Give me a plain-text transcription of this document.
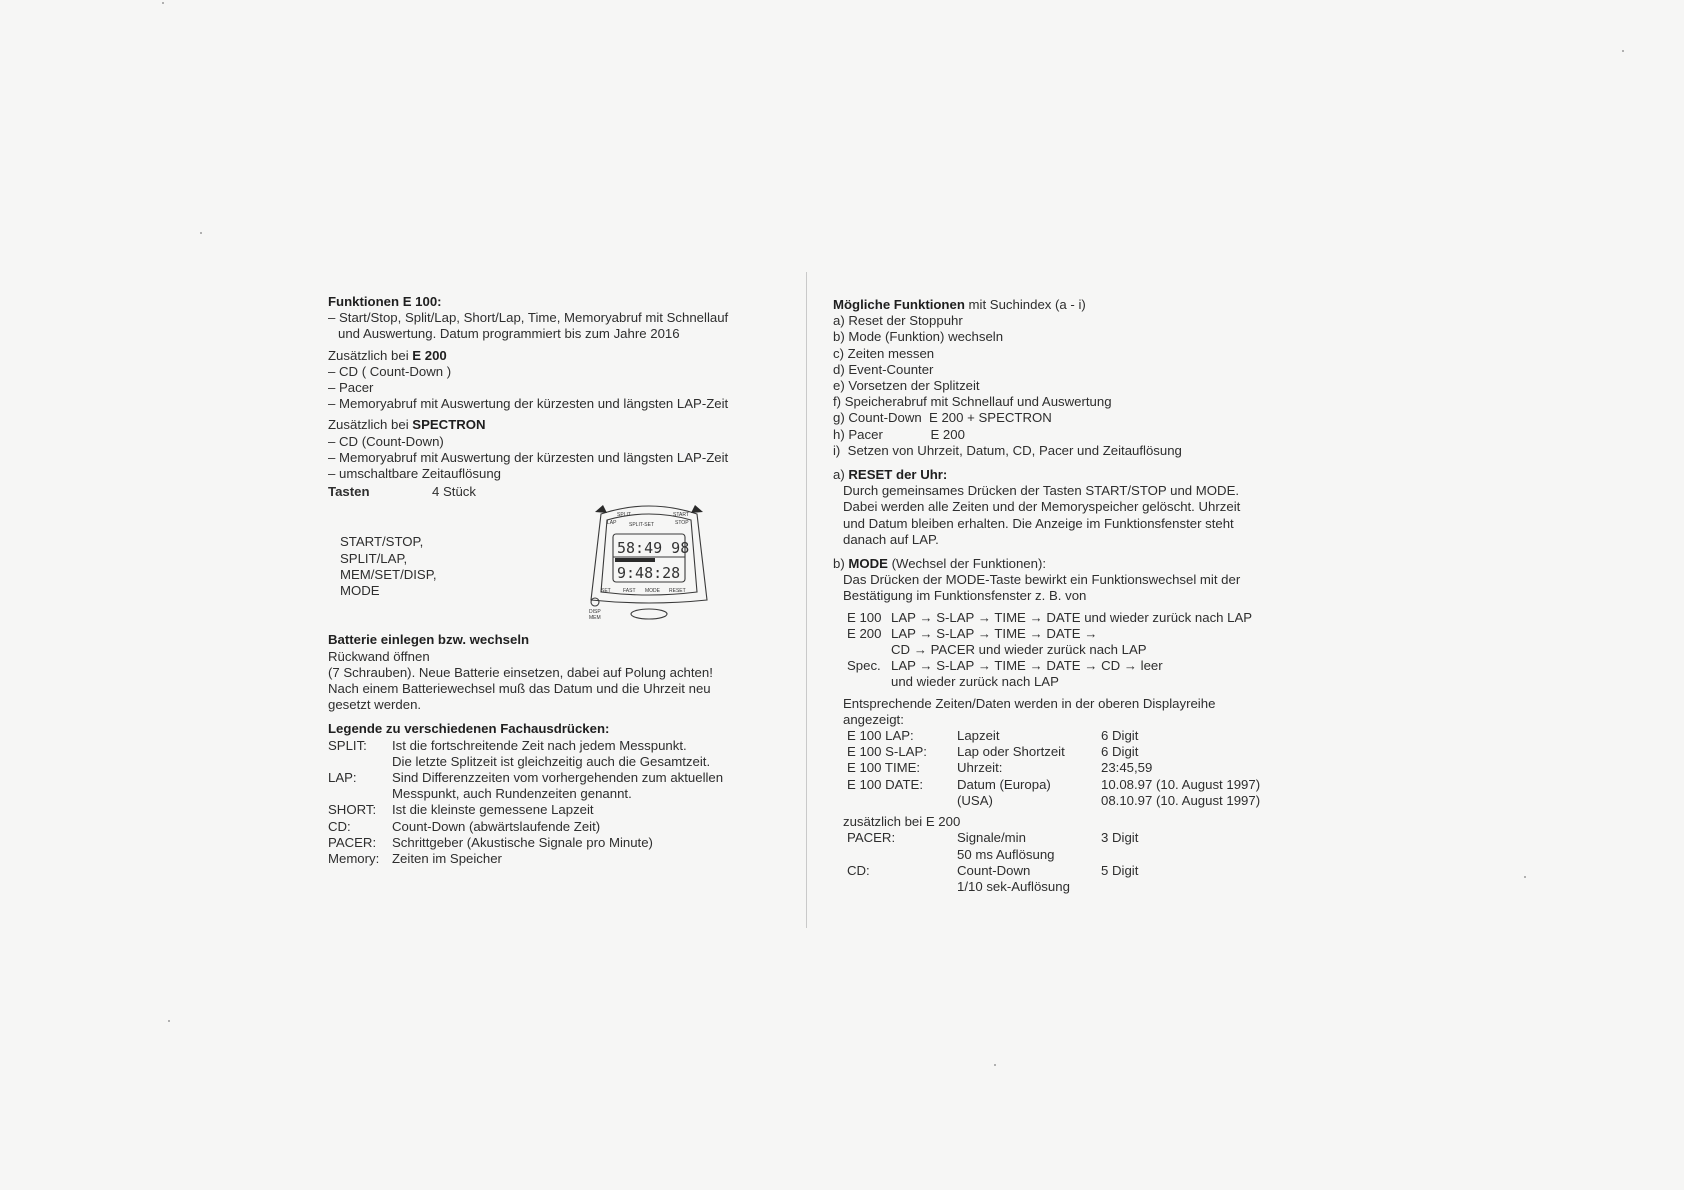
Funktionen E 100:
– Start/Stop, Split/Lap, Short/Lap, Time, Memoryabruf mit Schnellauf
und Auswertung. Datum programmiert bis zum Jahre 2016
Zusätzlich bei E 200
– CD ( Count-Down )
– Pacer
– Memoryabruf mit Auswertung der kürzesten und längsten LAP-Zeit
Zusätzlich bei SPECTRON
– CD (Count-Down)
– Memoryabruf mit Auswertung der kürzesten und längsten LAP-Zeit
– umschaltbare Zeitauflösung
Tasten	4 Stück
START/STOP,
SPLIT/LAP,
MEM/SET/DISP,
MODE
SPLIT	START
LAP	SPLIT-SET	STOP
58:49 98
9:48:28
SET FAST MODE RESET
DISP
MEM
Batterie einlegen bzw. wechseln
Rückwand öffnen
(7 Schrauben). Neue Batterie einsetzen, dabei auf Polung achten!
Nach einem Batteriewechsel muß das Datum und die Uhrzeit neu
gesetzt werden.
Legende zu verschiedenen Fachausdrücken:
SPLIT:	Ist die fortschreitende Zeit nach jedem Messpunkt.
Die letzte Splitzeit ist gleichzeitig auch die Gesamtzeit.
LAP:	Sind Differenzzeiten vom vorhergehenden zum aktuellen
Messpunkt, auch Rundenzeiten genannt.
SHORT:	Ist die kleinste gemessene Lapzeit
CD:	Count-Down (abwärtslaufende Zeit)
PACER:	Schrittgeber (Akustische Signale pro Minute)
Memory: Zeiten im Speicher
Mögliche Funktionen mit Suchindex (a - i)
a) Reset der Stoppuhr
b) Mode (Funktion) wechseln
c) Zeiten messen
d) Event-Counter
e) Vorsetzen der Splitzeit
f) Speicherabruf mit Schnellauf und Auswertung
g) Count-Down  E 200 + SPECTRON
h) Pacer             E 200
i)  Setzen von Uhrzeit, Datum, CD, Pacer und Zeitauflösung
a) RESET der Uhr:
Durch gemeinsames Drücken der Tasten START/STOP und MODE.
Dabei werden alle Zeiten und der Memoryspeicher gelöscht. Uhrzeit
und Datum bleiben erhalten. Die Anzeige im Funktionsfenster steht
danach auf LAP.
b) MODE (Wechsel der Funktionen):
Das Drücken der MODE-Taste bewirkt ein Funktionswechsel mit der
Bestätigung im Funktionsfenster z. B. von
E 100 LAP → S-LAP → TIME → DATE und wieder zurück nach LAP
E 200 LAP → S-LAP → TIME → DATE →
CD → PACER und wieder zurück nach LAP
Spec. LAP → S-LAP → TIME → DATE → CD → leer
und wieder zurück nach LAP
Entsprechende Zeiten/Daten werden in der oberen Displayreihe
angezeigt:
E 100 LAP:	Lapzeit	6 Digit
E 100 S-LAP:	Lap oder Shortzeit	6 Digit
E 100 TIME:	Uhrzeit:	23:45,59
E 100 DATE:	Datum (Europa)	10.08.97 (10. August 1997)
(USA)	08.10.97 (10. August 1997)
zusätzlich bei E 200
PACER:	Signale/min	3 Digit
50 ms Auflösung
CD:	Count-Down	5 Digit
1/10 sek-Auflösung
